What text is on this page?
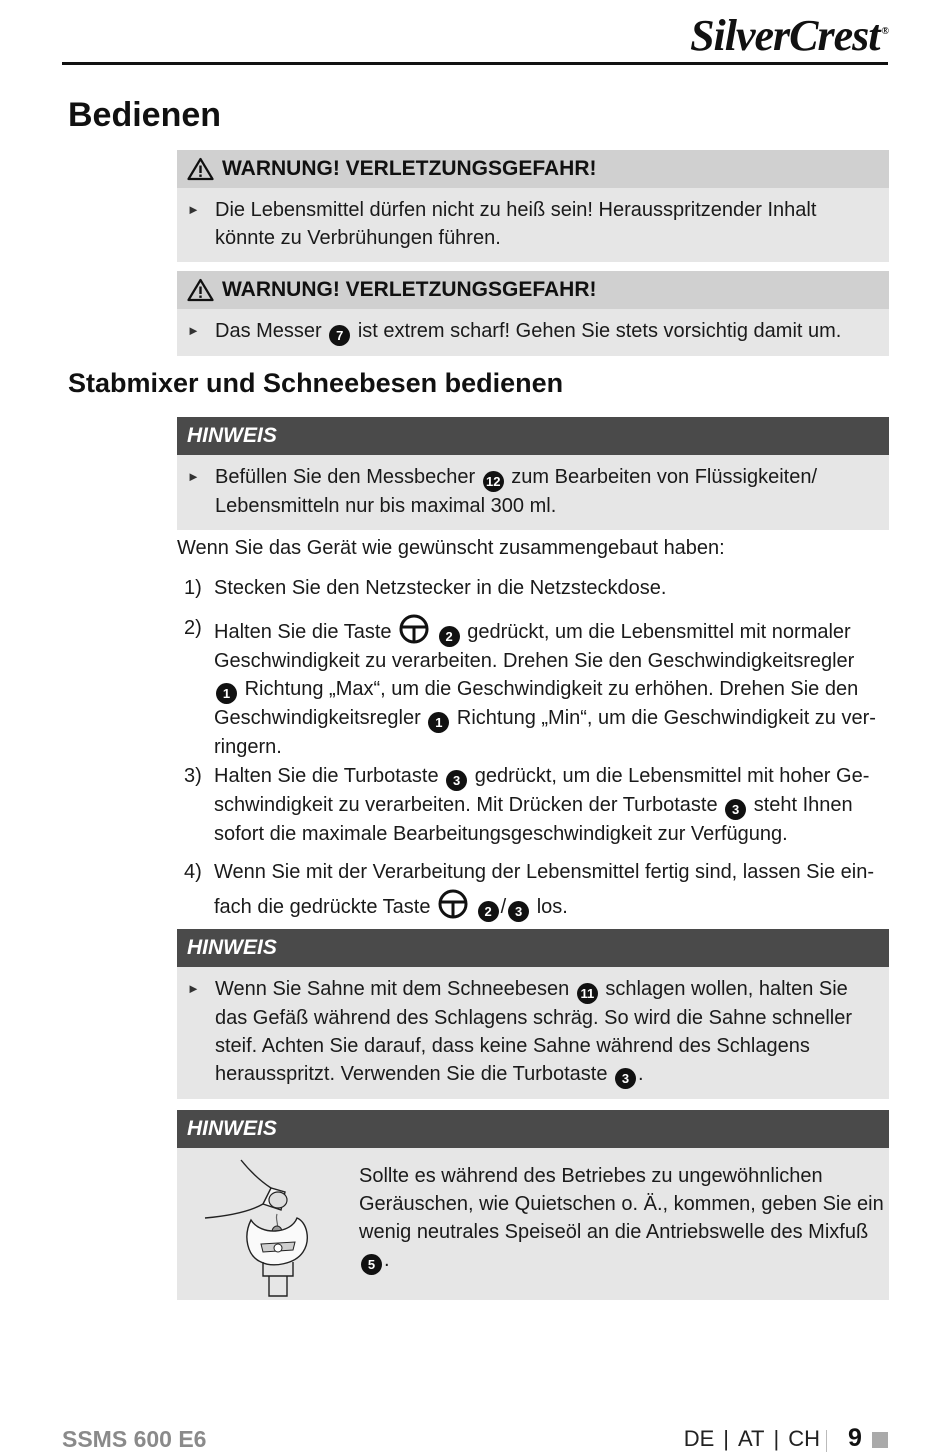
SilverCrest ®
Bedienen
WARNUNG! VERLETZUNGSGEFAHR!
► Die Lebensmittel dürfen nicht zu heiß sein! Herausspritzender Inhalt könnte zu Verbrühungen führen.
WARNUNG! VERLETZUNGSGEFAHR!
► Das Messer 7 ist extrem scharf! Gehen Sie stets vorsichtig damit um.
Stabmixer und Schneebesen bedienen
HINWEIS
► Befüllen Sie den Messbecher 12 zum Bearbeiten von Flüssigkeiten/ Lebensmitteln nur bis maximal 300 ml.

Wenn Sie das Gerät wie gewünscht zusammengebaut haben:

1) Stecken Sie den Netzstecker in die Netzsteckdose.
2) Halten Sie die Taste	2 gedrückt, um die Lebensmittel mit normaler Geschwindigkeit zu verarbeiten. Drehen Sie den Geschwindigkeitsregler 1 Richtung „Max“, um die Geschwindigkeit zu erhöhen. Drehen Sie den Geschwindigkeitsregler 1 Richtung „Min“, um die Geschwindigkeit zu verringern.
3) Halten Sie die Turbotaste 3 gedrückt, um die Lebensmittel mit hoher Geschwindigkeit zu verarbeiten. Mit Drücken der Turbotaste 3 steht Ihnen sofort die maximale Bearbeitungsgeschwindigkeit zur Verfügung.
4) Wenn Sie mit der Verarbeitung der Lebensmittel fertig sind, lassen Sie einfach die gedrückte Taste	2 / 3 los.
HINWEIS
► Wenn Sie Sahne mit dem Schneebesen 11 schlagen wollen, halten Sie das Gefäß während des Schlagens schräg. So wird die Sahne schneller steif. Achten Sie darauf, dass keine Sahne während des Schlagens herausspritzt. Verwenden Sie die Turbotaste 3 .
HINWEIS

Sollte es während des Betriebes zu ungewöhnlichen Geräuschen, wie Quietschen o. Ä., kommen, geben Sie ein wenig neutrales Speiseöl an die Antriebswelle des Mixfuß 5 .

SSMS 600 E6	DE | AT | CH 9
